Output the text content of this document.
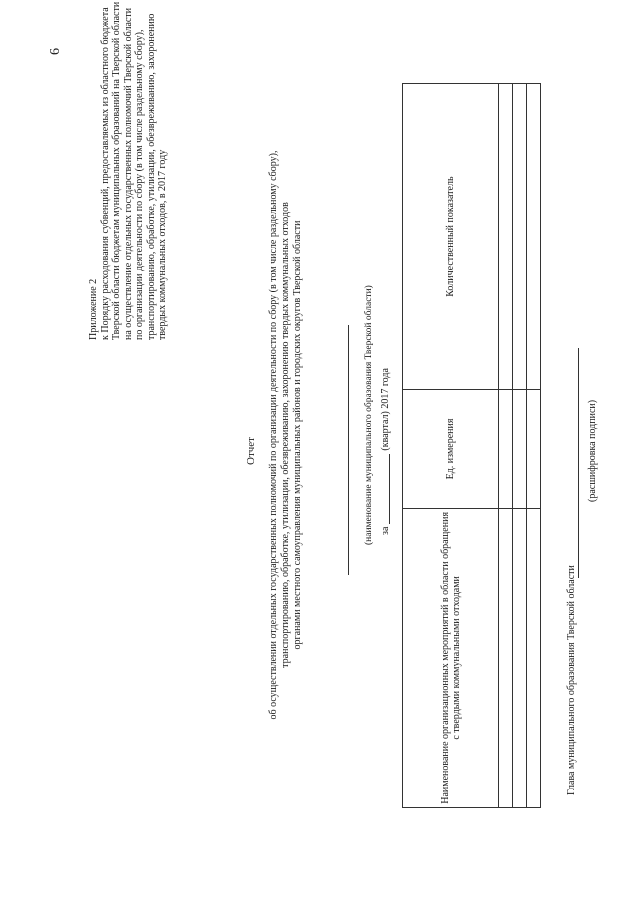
6
Приложение 2 к Порядку расходования субвенций, предоставляемых из областного бюджета Тверской области бюджетам муниципальных образований на Тверской области на осуществление отдельных государственных полномочий Тверской области по организации деятельности по сбору (в том числе раздельному сбору), транспортированию, обработке, утилизации, обезвреживанию, захоронению твердых коммунальных отходов, в 2017 году
Отчет об осуществлении отдельных государственных полномочий по организации деятельности по сбору (в том числе раздельному сбору), транспортированию, обработке, утилизации, обезвреживанию, захоронению твердых коммунальных отходов органами местного самоуправления муниципальных районов и городских округов Тверской области	(наименование муниципального образования Тверской области) за(квартал) 2017 года
Наименование организационных мероприятий в области обращения с твердыми коммунальными отходами	Ед. измерения	Количественный показатель

Глава муниципального образования Тверской области
(расшифровка подписи)
